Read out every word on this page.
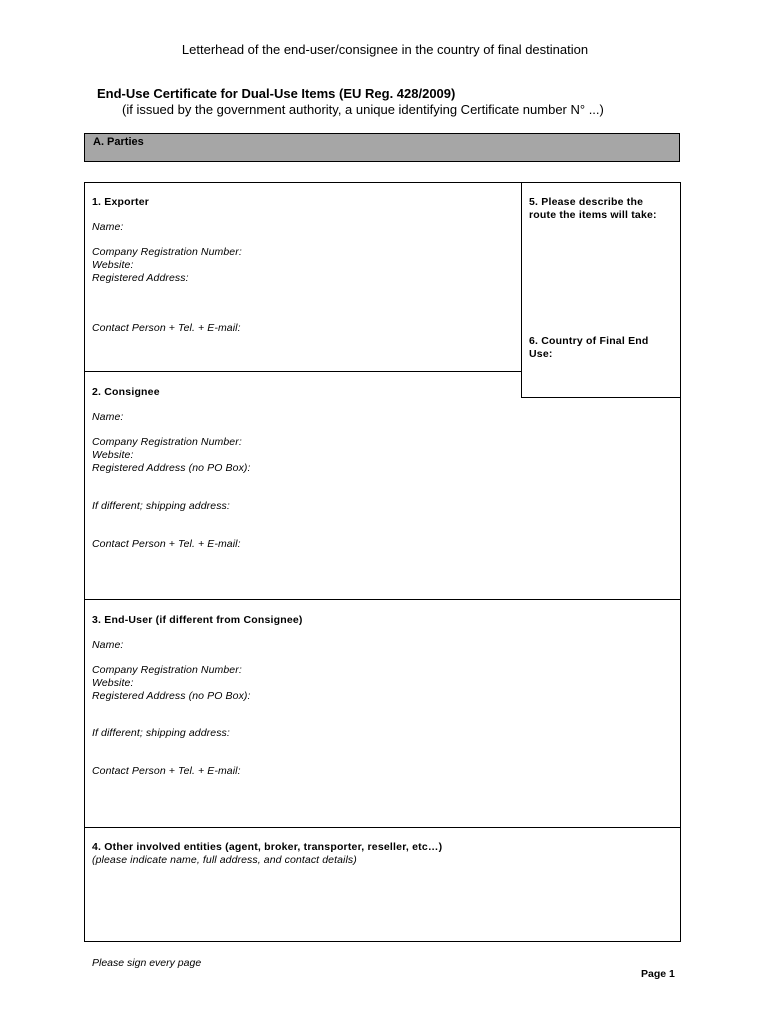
Letterhead of the end-user/consignee in the country of final destination
End-Use Certificate for Dual-Use Items (EU Reg. 428/2009)
(if issued by the government authority, a unique identifying Certificate number N° ...)
A. Parties
1. Exporter
Name:
Company Registration Number:
Website:
Registered Address:
Contact Person + Tel. + E-mail:
5. Please describe the
route the items will take:
6. Country of Final End
Use:
2. Consignee
Name:
Company Registration Number:
Website:
Registered Address (no PO Box):
If different; shipping address:
Contact Person + Tel. + E-mail:
3. End-User (if different from Consignee)
Name:
Company Registration Number:
Website:
Registered Address (no PO Box):
If different; shipping address:
Contact Person + Tel. + E-mail:
4. Other involved entities (agent, broker, transporter, reseller, etc…)
(please indicate name, full address, and contact details)
Please sign every page
Page 1
